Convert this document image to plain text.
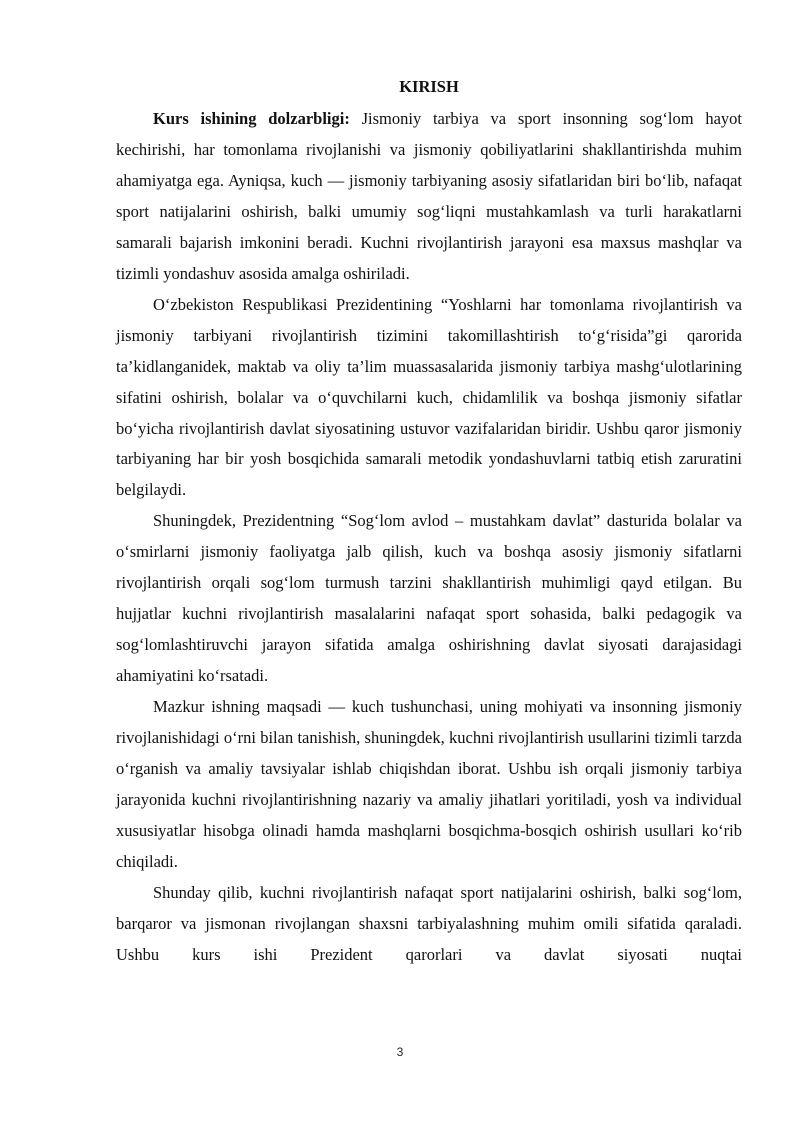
KIRISH

Kurs ishining dolzarbligi: Jismoniy tarbiya va sport insonning sog‘lom hayot kechirishi, har tomonlama rivojlanishi va jismoniy qobiliyatlarini shakllantirishda muhim ahamiyatga ega. Ayniqsa, kuch — jismoniy tarbiyaning asosiy sifatlaridan biri bo‘lib, nafaqat sport natijalarini oshirish, balki umumiy sog‘liqni mustahkamlash va turli harakatlarni samarali bajarish imkonini beradi. Kuchni rivojlantirish jarayoni esa maxsus mashqlar va tizimli yondashuv asosida amalga oshiriladi.

O‘zbekiston Respublikasi Prezidentining “Yoshlarni har tomonlama rivojlantirish va jismoniy tarbiyani rivojlantirish tizimini takomillashtirish to‘g‘risida”gi qarorida ta’kidlanganidek, maktab va oliy ta’lim muassasalarida jismoniy tarbiya mashg‘ulotlarining sifatini oshirish, bolalar va o‘quvchilarni kuch, chidamlilik va boshqa jismoniy sifatlar bo‘yicha rivojlantirish davlat siyosatining ustuvor vazifalaridan biridir. Ushbu qaror jismoniy tarbiyaning har bir yosh bosqichida samarali metodik yondashuvlarni tatbiq etish zaruratini belgilaydi.

Shuningdek, Prezidentning “Sog‘lom avlod – mustahkam davlat” dasturida bolalar va o‘smirlarni jismoniy faoliyatga jalb qilish, kuch va boshqa asosiy jismoniy sifatlarni rivojlantirish orqali sog‘lom turmush tarzini shakllantirish muhimligi qayd etilgan. Bu hujjatlar kuchni rivojlantirish masalalarini nafaqat sport sohasida, balki pedagogik va sog‘lomlashtiruvchi jarayon sifatida amalga oshirishning davlat siyosati darajasidagi ahamiyatini ko‘rsatadi.

Mazkur ishning maqsadi — kuch tushunchasi, uning mohiyati va insonning jismoniy rivojlanishidagi o‘rni bilan tanishish, shuningdek, kuchni rivojlantirish usullarini tizimli tarzda o‘rganish va amaliy tavsiyalar ishlab chiqishdan iborat. Ushbu ish orqali jismoniy tarbiya jarayonida kuchni rivojlantirishning nazariy va amaliy jihatlari yoritiladi, yosh va individual xususiyatlar hisobga olinadi hamda mashqlarni bosqichma-bosqich oshirish usullari ko‘rib chiqiladi.

Shunday qilib, kuchni rivojlantirish nafaqat sport natijalarini oshirish, balki sog‘lom, barqaror va jismonan rivojlangan shaxsni tarbiyalashning muhim omili sifatida qaraladi. Ushbu kurs ishi Prezident qarorlari va davlat siyosati nuqtai

3
